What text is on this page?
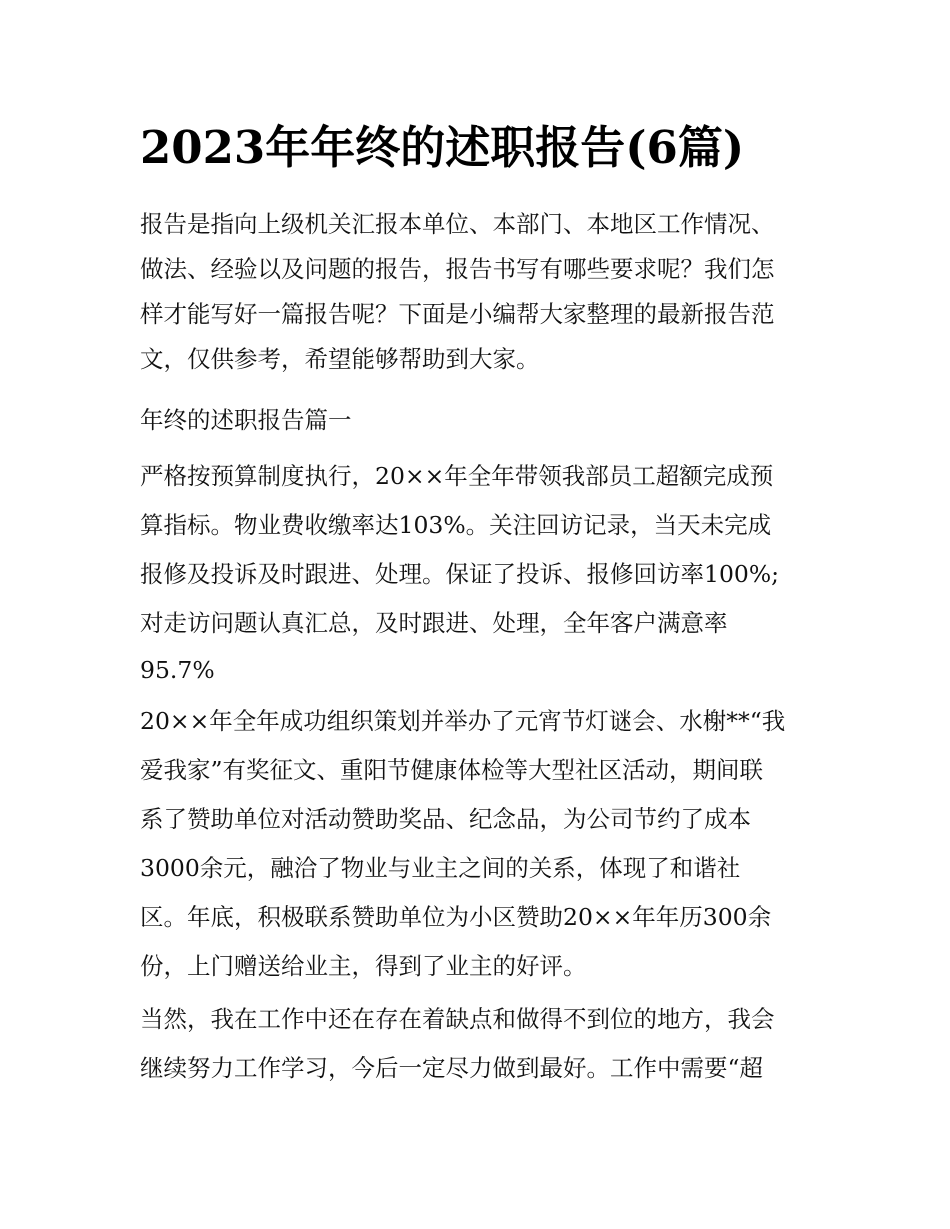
2023年年终的述职报告(6篇)

报告是指向上级机关汇报本单位、本部门、本地区工作情况、

做法、经验以及问题的报告，报告书写有哪些要求呢？我们怎

样才能写好一篇报告呢？下面是小编帮大家整理的最新报告范

文，仅供参考，希望能够帮助到大家。

年终的述职报告篇一

严格按预算制度执行，20××年全年带领我部员工超额完成预

算指标。物业费收缴率达103%。关注回访记录，当天未完成

报修及投诉及时跟进、处理。保证了投诉、报修回访率100%;

对走访问题认真汇总，及时跟进、处理，全年客户满意率

95.7%

20××年全年成功组织策划并举办了元宵节灯谜会、水榭**“我

爱我家”有奖征文、重阳节健康体检等大型社区活动，期间联

系了赞助单位对活动赞助奖品、纪念品，为公司节约了成本

3000余元，融洽了物业与业主之间的关系，体现了和谐社

区。年底，积极联系赞助单位为小区赞助20××年年历300余

份，上门赠送给业主，得到了业主的好评。

当然，我在工作中还在存在着缺点和做得不到位的地方，我会

继续努力工作学习，今后一定尽力做到最好。工作中需要“超
